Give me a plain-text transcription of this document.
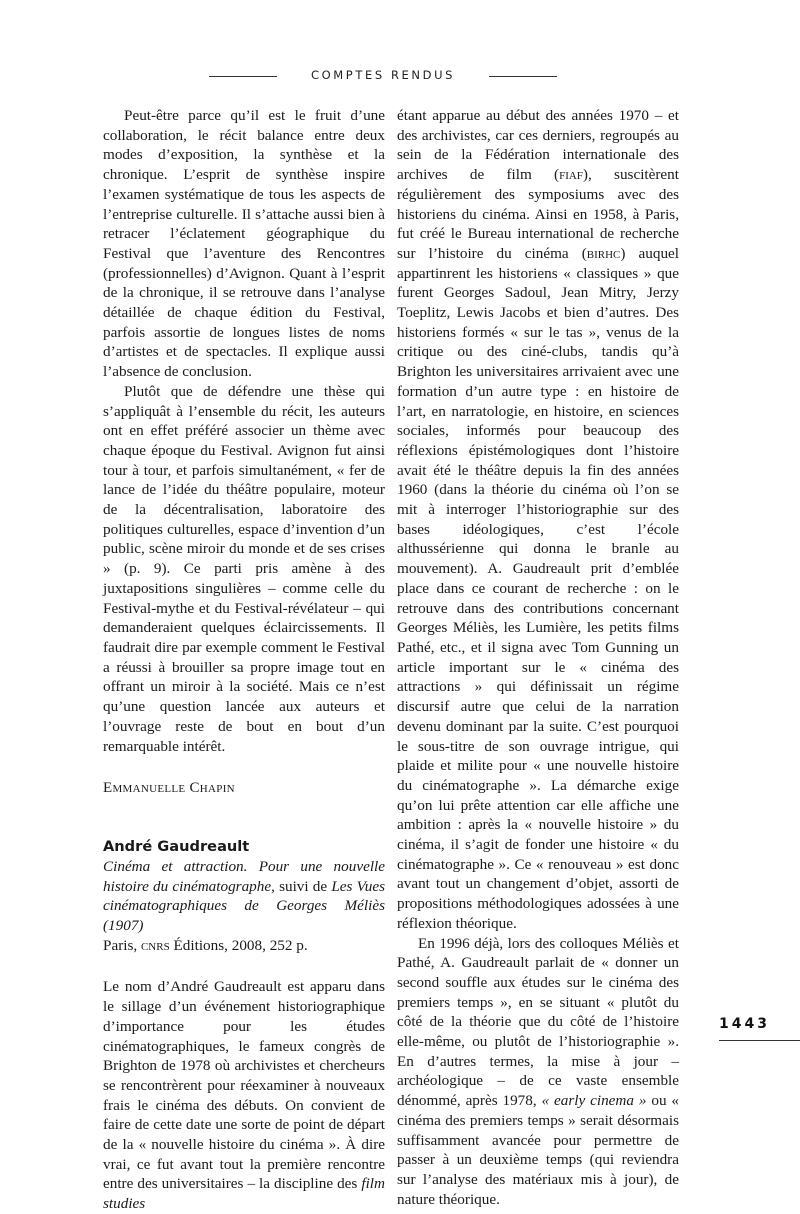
COMPTES RENDUS

Peut-être parce qu’il est le fruit d’une collaboration, le récit balance entre deux modes d’exposition, la synthèse et la chronique. L’esprit de synthèse inspire l’examen systématique de tous les aspects de l’entreprise culturelle. Il s’attache aussi bien à retracer l’éclatement géographique du Festival que l’aventure des Rencontres (professionnelles) d’Avignon. Quant à l’esprit de la chronique, il se retrouve dans l’analyse détaillée de chaque édition du Festival, parfois assortie de longues listes de noms d’artistes et de spectacles. Il explique aussi l’absence de conclusion.

Plutôt que de défendre une thèse qui s’appliquât à l’ensemble du récit, les auteurs ont en effet préféré associer un thème avec chaque époque du Festival. Avignon fut ainsi tour à tour, et parfois simultanément, « fer de lance de l’idée du théâtre populaire, moteur de la décentralisation, laboratoire des politiques culturelles, espace d’invention d’un public, scène miroir du monde et de ses crises » (p. 9). Ce parti pris amène à des juxtapositions singulières – comme celle du Festival-mythe et du Festival-révélateur – qui demanderaient quelques éclaircissements. Il faudrait dire par exemple comment le Festival a réussi à brouiller sa propre image tout en offrant un miroir à la société. Mais ce n’est qu’une question lancée aux auteurs et l’ouvrage reste de bout en bout d’un remarquable intérêt.

Emmanuelle Chapin

André Gaudreault

Cinéma et attraction. Pour une nouvelle histoire du cinématographe, suivi de Les Vues cinématographiques de Georges Méliès (1907)
Paris, cnrs Éditions, 2008, 252 p.

Le nom d’André Gaudreault est apparu dans le sillage d’un événement historiographique d’importance pour les études cinématographiques, le fameux congrès de Brighton de 1978 où archivistes et chercheurs se rencontrèrent pour réexaminer à nouveaux frais le cinéma des débuts. On convient de faire de cette date une sorte de point de départ de la « nouvelle histoire du cinéma ». À dire vrai, ce fut avant tout la première rencontre entre des universitaires – la discipline des film studies

étant apparue au début des années 1970 – et des archivistes, car ces derniers, regroupés au sein de la Fédération internationale des archives de film (fiaf), suscitèrent régulièrement des symposiums avec des historiens du cinéma. Ainsi en 1958, à Paris, fut créé le Bureau international de recherche sur l’histoire du cinéma (birhc) auquel appartinrent les historiens « classiques » que furent Georges Sadoul, Jean Mitry, Jerzy Toeplitz, Lewis Jacobs et bien d’autres. Des historiens formés « sur le tas », venus de la critique ou des ciné-clubs, tandis qu’à Brighton les universitaires arrivaient avec une formation d’un autre type : en histoire de l’art, en narratologie, en histoire, en sciences sociales, informés pour beaucoup des réflexions épistémologiques dont l’histoire avait été le théâtre depuis la fin des années 1960 (dans la théorie du cinéma où l’on se mit à interroger l’historiographie sur des bases idéologiques, c’est l’école althussérienne qui donna le branle au mouvement). A. Gaudreault prit d’emblée place dans ce courant de recherche : on le retrouve dans des contributions concernant Georges Méliès, les Lumière, les petits films Pathé, etc., et il signa avec Tom Gunning un article important sur le « cinéma des attractions » qui définissait un régime discursif autre que celui de la narration devenu dominant par la suite. C’est pourquoi le sous-titre de son ouvrage intrigue, qui plaide et milite pour « une nouvelle histoire du cinématographe ». La démarche exige qu’on lui prête attention car elle affiche une ambition : après la « nouvelle histoire » du cinéma, il s’agit de fonder une histoire « du cinématographe ». Ce « renouveau » est donc avant tout un changement d’objet, assorti de propositions méthodologiques adossées à une réflexion théorique.

En 1996 déjà, lors des colloques Méliès et Pathé, A. Gaudreault parlait de « donner un second souffle aux études sur le cinéma des premiers temps », en se situant « plutôt du côté de la théorie que du côté de l’histoire elle-même, ou plutôt de l’historiographie ». En d’autres termes, la mise à jour – archéologique – de ce vaste ensemble dénommé, après 1978, « early cinema » ou « cinéma des premiers temps » serait désormais suffisamment avancée pour permettre de passer à un deuxième temps (qui reviendra sur l’analyse des matériaux mis à jour), de nature théorique.

1443
